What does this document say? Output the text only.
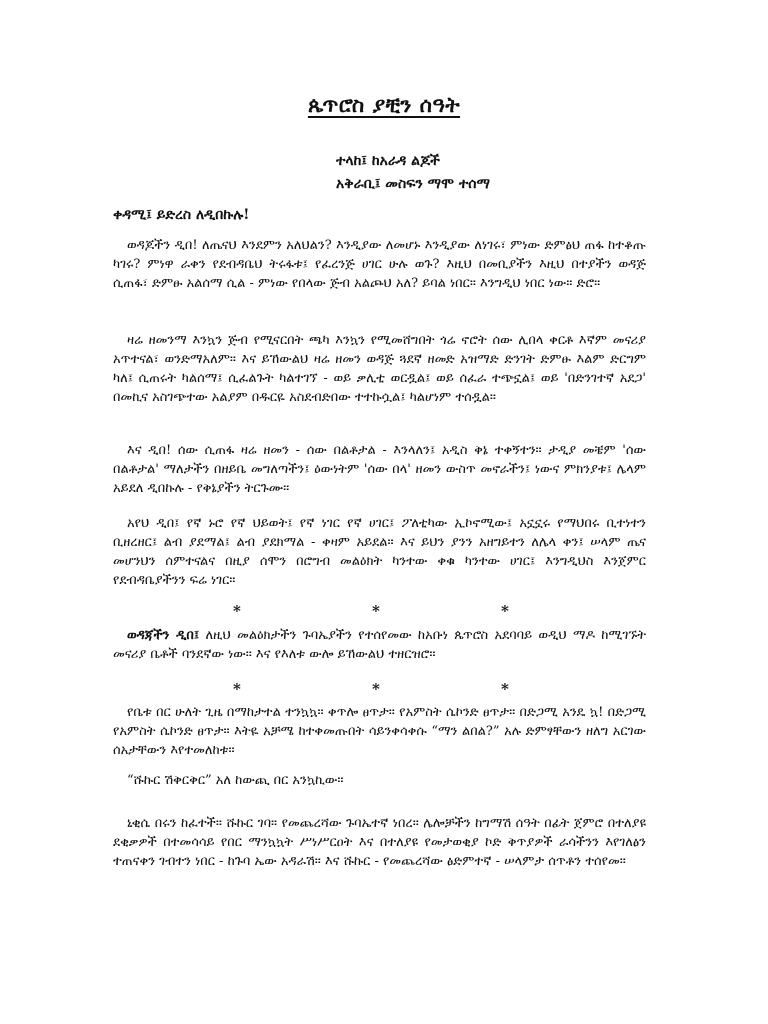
ጴጥሮስ ያቺን ሰዓት
ተላከ፤ ከአራዳ ልጆች
አቅራቢ፤ መስፍን ማሞ ተሰማ
ቀዳሚ፤ ይድረስ ለዲበኩሉ!

ወዳጆችን ዲበ! ለጤናህ እንደምን አለህልን? እንዲያው ለመሆኑ እንዲያው ለነገሩ፣ ምነው ድምፅህ ጠፋ ከተቆጡ ካገሩ? ምነዋ ራቀን የደብዳቤህ ትሩፋቱ፤ የፈረንጅ ሀገር ሁሉ ወጉ? እዚህ በመቢያችን እዚህ በተያችን ወዳጅ ሲጠፋ፣ ድምፁ አልሰማ ሲል - ምነው የበላው ጅብ አልጮህ አለ? ይባል ነበር። እንግዲህ ነበር ነው። ድሮ።

ዛሬ ዘመንማ እንኳን ጅብ የሚናርበት ጫካ እንኳን የሚመሸግበት ጎሬ ኖሮት ሰው ሊበላ ቀርቶ እኛም መናሪያ አጥተናል፣ ወንድማአለም። እና ይኸውልህ ዛሬ ዘመን ወዳጅ ጓደኛ ዘመድ አዝማድ ድንገት ድምፁ እልም ድርግም ካለ፤ ሲጠሩት ካልሰማ፤ ሲፈልጉት ካልተገኘ - ወይ ቃሊቲ ወርዷል፤ ወይ ሰፈራ ተጭኗል፤ ወይ 'በድንገተኛ አደጋ' በመኪና አስገጭተው አልያም በዱርዬ አስደብድበው ተተኩሷል፤ ካልሆነም ተሰዷል።

እና ዲበ! ሰው ሲጠፋ ዛሬ ዘመን - ሰው በልቶታል - እንላለን፤ አዲስ ቅኔ ተቀኝተን። ታዲያ መቼም 'ሰው በልቶታል' ማለታችን በዘይቤ መግለጣችን፤ ዕውነትም 'ሰው በላ' ዘመን ውስጥ መኖራችን፤ ነውና ምክንያቱ፤ ሌላም አይደለ ዲበኩሉ - የቅኔያችን ትርጉሙ።

አየህ ዲበ፤ የኛ ኑሮ የኛ ህይወት፤ የኛ ነገር የኛ ሀገር፤ ፖለቲካው ኢኮኖሚው፤ አኗኗሩ የማህበሩ ቢተነተን ቢዘረዘር፤ ልብ ያደማል፤ ልብ ያደክማል - ቀዛም አይደል። እና ይህን ያንን አዘግይተን ለሌላ ቀን፤ ሠላም ጤና መሆንህን ሰምተናልና በዚያ ሰሞን በሮግብ መልዕክት ካንተው ቀቁ ካንተው ሀገር፤ እንግዲህስ እንጀምር የደብዳቤያችንን ፍሬ ነገር።

*	*	*

ወዳጃችን ዲበ፤ ለዚህ መልዕክታችን ጉባኤያችን የተሰየመው ከአቡነ ጴጥሮስ አደባባይ ወዲህ ማዶ ከሚገኙት መናሪያ ቤቶች ባንደኛው ነው። እና የእለቱ ውሎ ይኸውልህ ተዘርዝሮ።

*	*	*

የቤቱ በር ሁለት ጊዜ በማከታተል ተንኳኳ። ቀጥሎ ፀጥታ። የአምስት ሴኮንድ ፀጥታ። በድጋሚ አንዴ ኳ! በድጋሚ የአምስት ሴኮንድ ፀጥታ። እትዬ አቻሜ ከተቀመጡበት ሳይንቀሳቀሱ “ማን ልበል?” አሉ ድምፃቸውን ዘለግ አርገው ሰአታቸውን እየተመለከቱ።

“ሹኩር ሽቅርቅር” አለ ከውጪ በር አንኳኪው።

ኒቂሴ በሩን ከፈተች። ሹኩር ገባ። የመጨረሻው ጉባኤተኛ ነበረ። ሌሎቻችን ከግማሽ ሰዓት በፊት ጀምሮ በተለያዩ ደቂቃዎች በተመሳሳይ የበር ማንኳኳት ሥነሥርዐት እና በተለያዩ የመታወቂያ ኮድ ቅጥያዎች ራሳችንን እየገለፅን ተጠናቀን ገብተን ነበር - ከጉባ ኤው አዳራሽ። እና ሹኩር - የመጨረሻው ፅድምተኛ - ሠላምታ ሰጥቶን ተሰየመ።
